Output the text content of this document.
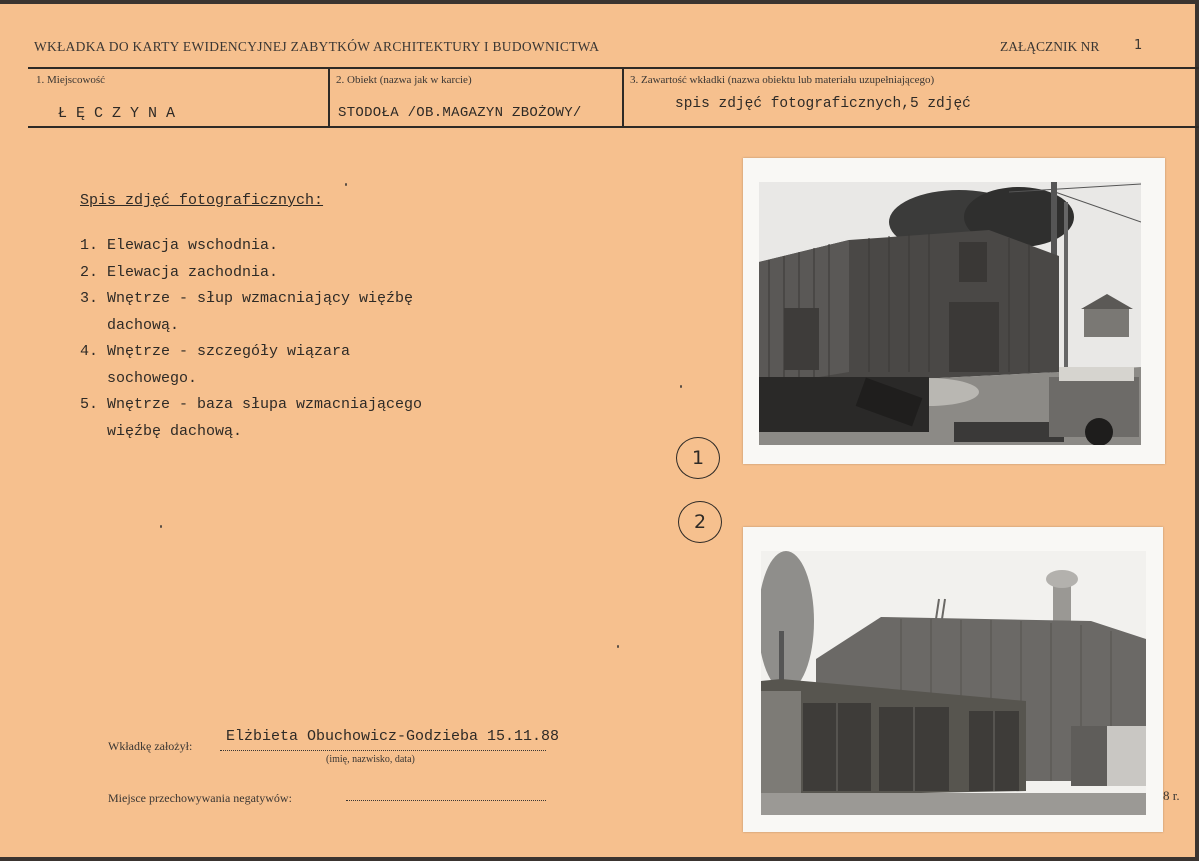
WKŁADKA DO KARTY EWIDENCYJNEJ ZABYTKÓW ARCHITEKTURY I BUDOWNICTWA	ZAŁĄCZNIK NR	1
1. Miejscowość
ŁĘCZYNA
2. Obiekt (nazwa jak w karcie)
STODOŁA /OB.MAGAZYN ZBOŻOWY/
3. Zawartość wkładki (nazwa obiektu lub materiału uzupełniającego)
spis zdjęć fotograficznych,5 zdjęć
Spis zdjęć fotograficznych:
1. Elewacja wschodnia.
2. Elewacja zachodnia.
3. Wnętrze - słup wzmacniający więźbę
dachową.
4. Wnętrze - szczegóły wiązara
sochowego.
5. Wnętrze - baza słupa wzmacniającego
więźbę dachową.
1
2
Wkładkę założył:
Elżbieta Obuchowicz-Godzieba 15.11.88
(imię, nazwisko, data)
Miejsce przechowywania negatywów:	8 r.
